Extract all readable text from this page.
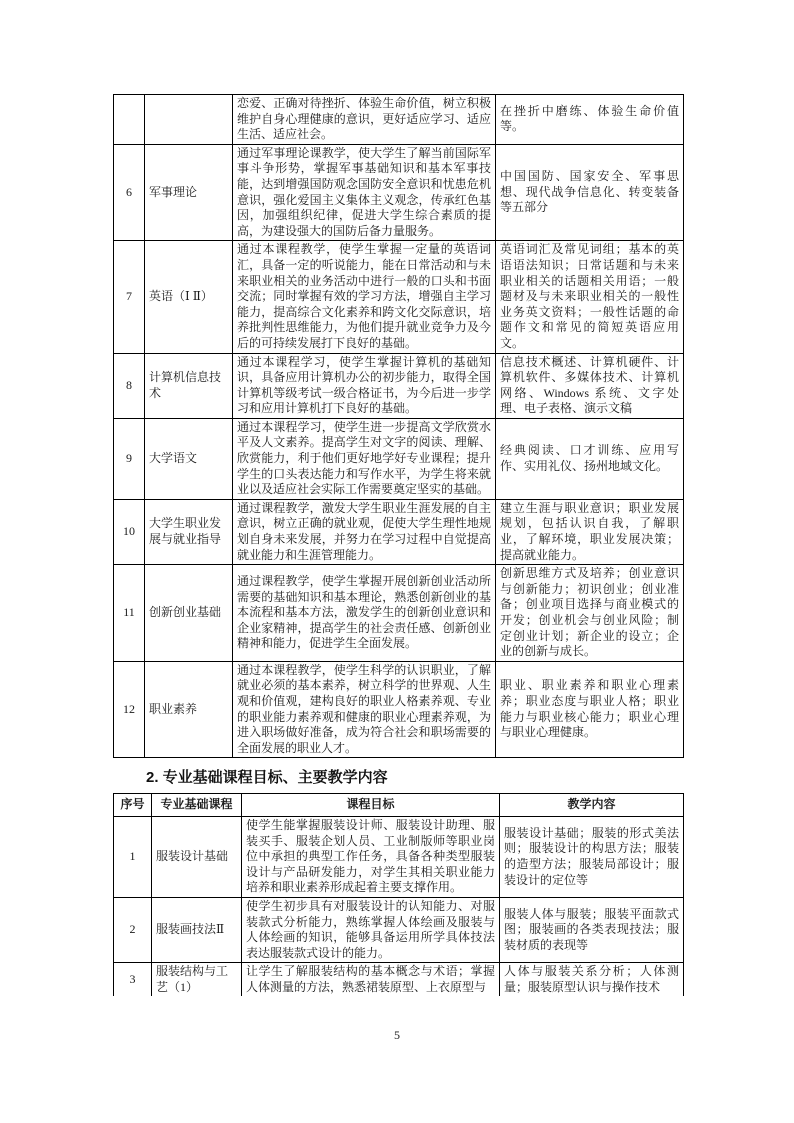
		恋爱、正确对待挫折、体验生命价值，树立积极维护自身心理健康的意识，更好适应学习、适应生活、适应社会。	在挫折中磨练、体验生命价值等。
6	军事理论	通过军事理论课教学，使大学生了解当前国际军事斗争形势，掌握军事基础知识和基本军事技能，达到增强国防观念国防安全意识和忧患危机意识，强化爱国主义集体主义观念，传承红色基因，加强组织纪律，促进大学生综合素质的提高，为建设强大的国防后备力量服务。	中国国防、国家安全、军事思想、现代战争信息化、转变装备等五部分
7	英语（Ⅰ Ⅱ）	通过本课程教学，使学生掌握一定量的英语词汇，具备一定的听说能力，能在日常活动和与未来职业相关的业务活动中进行一般的口头和书面交流；同时掌握有效的学习方法，增强自主学习能力，提高综合文化素养和跨文化交际意识，培养批判性思维能力，为他们提升就业竞争力及今后的可持续发展打下良好的基础。	英语词汇及常见词组；基本的英语语法知识；日常话题和与未来职业相关的话题相关用语；一般题材及与未来职业相关的一般性业务英文资料；一般性话题的命题作文和常见的简短英语应用文。
8	计算机信息技术	通过本课程学习，使学生掌握计算机的基础知识，具备应用计算机办公的初步能力，取得全国计算机等级考试一级合格证书，为今后进一步学习和应用计算机打下良好的基础。	信息技术概述、计算机硬件、计算机软件、多媒体技术、计算机网络、Windows 系统、文字处理、电子表格、演示文稿
9	大学语文	通过本课程学习，使学生进一步提高文学欣赏水平及人文素养。提高学生对文字的阅读、理解、欣赏能力，利于他们更好地学好专业课程；提升学生的口头表达能力和写作水平，为学生将来就业以及适应社会实际工作需要奠定坚实的基础。	经典阅读、口才训练、应用写作、实用礼仪、扬州地域文化。
10	大学生职业发展与就业指导	通过课程教学，激发大学生职业生涯发展的自主意识，树立正确的就业观，促使大学生理性地规划自身未来发展，并努力在学习过程中自觉提高就业能力和生涯管理能力。	建立生涯与职业意识；职业发展规划，包括认识自我，了解职业，了解环境，职业发展决策；提高就业能力。
11	创新创业基础	通过课程教学，使学生掌握开展创新创业活动所需要的基础知识和基本理论，熟悉创新创业的基本流程和基本方法，激发学生的创新创业意识和企业家精神，提高学生的社会责任感、创新创业精神和能力，促进学生全面发展。	创新思维方式及培养；创业意识与创新能力；初识创业；创业准备；创业项目选择与商业模式的开发；创业机会与创业风险；制定创业计划；新企业的设立；企业的创新与成长。
12	职业素养	通过本课程教学，使学生科学的认识职业，了解就业必须的基本素养，树立科学的世界观、人生观和价值观，建构良好的职业人格素养观、专业的职业能力素养观和健康的职业心理素养观，为进入职场做好准备，成为符合社会和职场需要的全面发展的职业人才。	职业、职业素养和职业心理素养；职业态度与职业人格；职业能力与职业核心能力；职业心理与职业心理健康。
2. 专业基础课程目标、主要教学内容
序号	专业基础课程	课程目标	教学内容
1	服装设计基础	使学生能掌握服装设计师、服装设计助理、服装买手、服装企划人员、工业制版师等职业岗位中承担的典型工作任务，具备各种类型服装设计与产品研发能力，对学生其相关职业能力培养和职业素养形成起着主要支撑作用。	服装设计基础；服装的形式美法则；服装设计的构思方法；服装的造型方法；服装局部设计；服装设计的定位等
2	服装画技法Ⅱ	使学生初步具有对服装设计的认知能力、对服装款式分析能力，熟练掌握人体绘画及服装与人体绘画的知识，能够具备运用所学具体技法表达服装款式设计的能力。	服装人体与服装；服装平面款式图；服装画的各类表现技法；服装材质的表现等
3	服装结构与工艺（1）	让学生了解服装结构的基本概念与术语；掌握人体测量的方法，熟悉裙装原型、上衣原型与	人体与服装关系分析；人体测量；服装原型认识与操作技术
5
